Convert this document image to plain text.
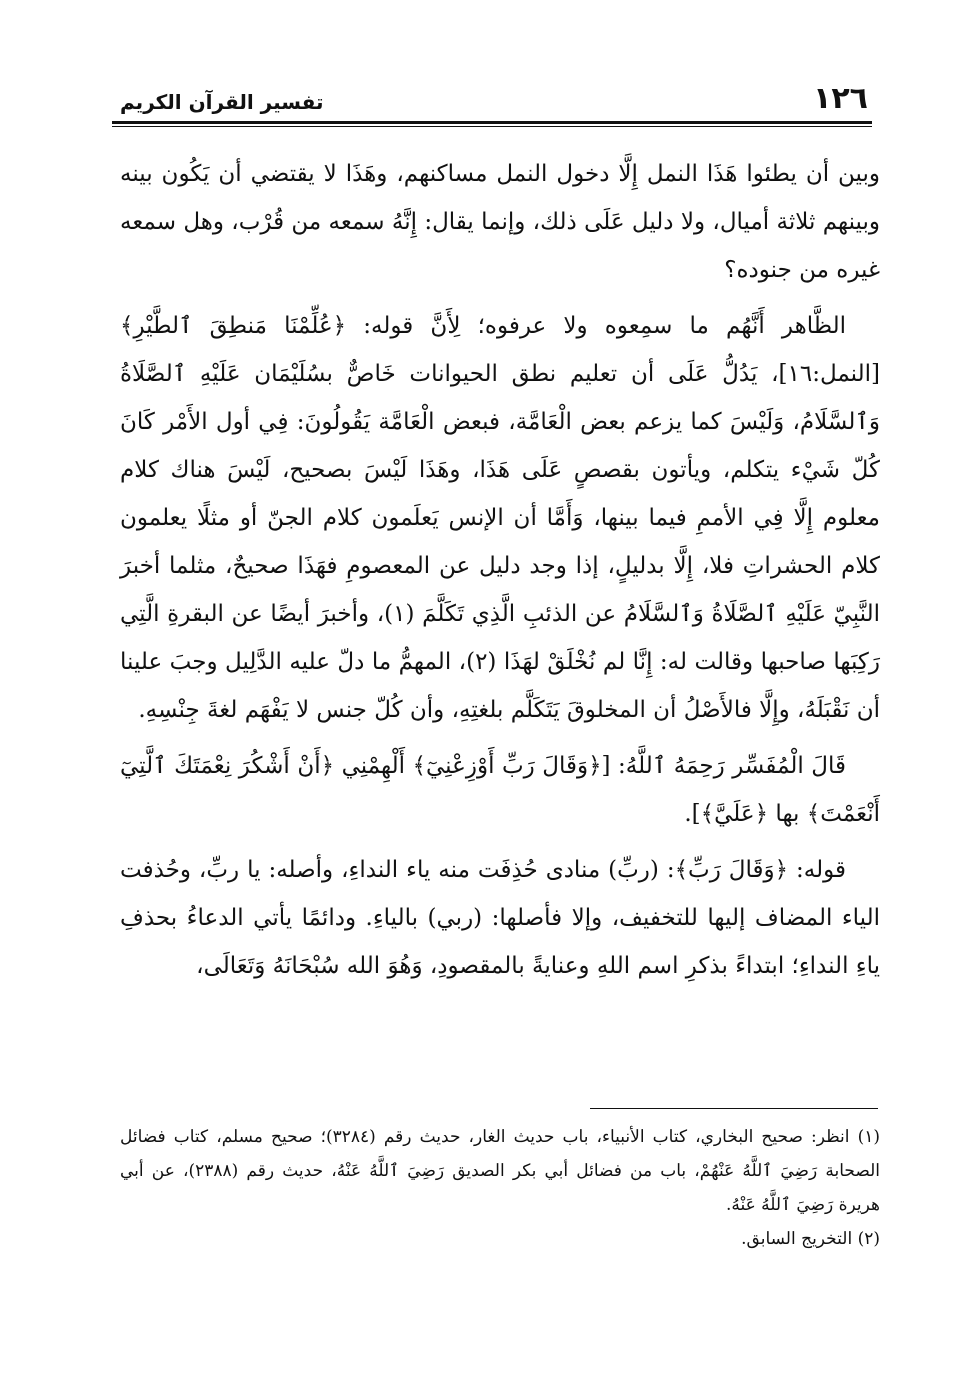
١٢٦
تفسير القرآن الكريم

وبين أن يطئوا هَذَا النمل إِلَّا دخول النمل مساكنهم، وهَذَا لا يقتضي أن يَكُون بينه وبينهم ثلاثة أميال، ولا دليل عَلَى ذلك، وإنما يقال: إِنَّهُ سمعه من قُرْب، وهل سمعه غيره من جنوده؟

الظَّاهر أَنَّهُم ما سمِعوه ولا عرفوه؛ لِأَنَّ قوله: ﴿عُلِّمْنَا مَنطِقَ ٱلطَّيْرِ﴾ [النمل:١٦]، يَدُلُّ عَلَى أن تعليم نطق الحيوانات خَاصٌّ بسُلَيْمَان عَلَيْهِ ٱلصَّلَاةُ وَٱلسَّلَامُ، وَلَيْسَ كما يزعم بعض الْعَامَّة، فبعض الْعَامَّة يَقُولُونَ: فِي أول الأَمْر كَانَ كُلّ شَيْء يتكلم، ويأتون بقصصٍ عَلَى هَذَا، وهَذَا لَيْسَ بصحيح، لَيْسَ هناك كلام معلوم إِلَّا فِي الأممِ فيما بينها، وَأَمَّا أن الإنس يَعلَمون كلام الجنّ أو مثلًا يعلمون كلام الحشراتِ فلا، إِلَّا بدليلٍ، إذا وجد دليل عن المعصومِ فهَذَا صحيحٌ، مثلما أخبرَ النَّبِيّ عَلَيْهِ ٱلصَّلَاةُ وَٱلسَّلَامُ عن الذئبِ الَّذِي تَكَلَّمَ (١)، وأخبرَ أيضًا عن البقرةِ الَّتِي رَكِبَها صاحبها وقالت له: إِنَّا لم نُخْلَقْ لهَذَا (٢)، المهمُّ ما دلّ عليه الدَّلِيل وجبَ علينا أن نَقْبَلَهُ، وإِلَّا فالأَصْلُ أن المخلوقَ يَتَكَلَّم بلغتِهِ، وأن كُلّ جنس لا يَفْهَم لغةَ جِنْسِهِ.

قَالَ الْمُفَسِّر رَحِمَهُ ٱللَّهُ: [﴿وَقَالَ رَبِّ أَوْزِعْنِيٓ﴾ أَلْهِمْنِي ﴿أَنْ أَشْكُرَ نِعْمَتَكَ ٱلَّتِيٓ أَنْعَمْتَ﴾ بها ﴿عَلَيَّ﴾].

قوله: ﴿وَقَالَ رَبِّ﴾: (ربِّ) منادى حُذِفَت منه ياء النداءِ، وأصله: يا ربِّ، وحُذفت الياء المضاف إليها للتخفيف، وإلا فأصلها: (ربي) بالياءِ. ودائمًا يأتي الدعاءُ بحذفِ ياءِ النداءِ؛ ابتداءً بذكرِ اسم اللهِ وعنايةً بالمقصودِ، وَهُوَ الله سُبْحَانَهُ وَتَعَالَى،

(١) انظر: صحيح البخاري، كتاب الأنبياء، باب حديث الغار، حديث رقم (٣٢٨٤)؛ صحيح مسلم، كتاب فضائل الصحابة رَضِيَ ٱللَّهُ عَنْهُمْ، باب من فضائل أبي بكر الصديق رَضِيَ ٱللَّهُ عَنْهُ، حديث رقم (٢٣٨٨)، عن أبي هريرة رَضِيَ ٱللَّهُ عَنْهُ.

(٢) التخريج السابق.
